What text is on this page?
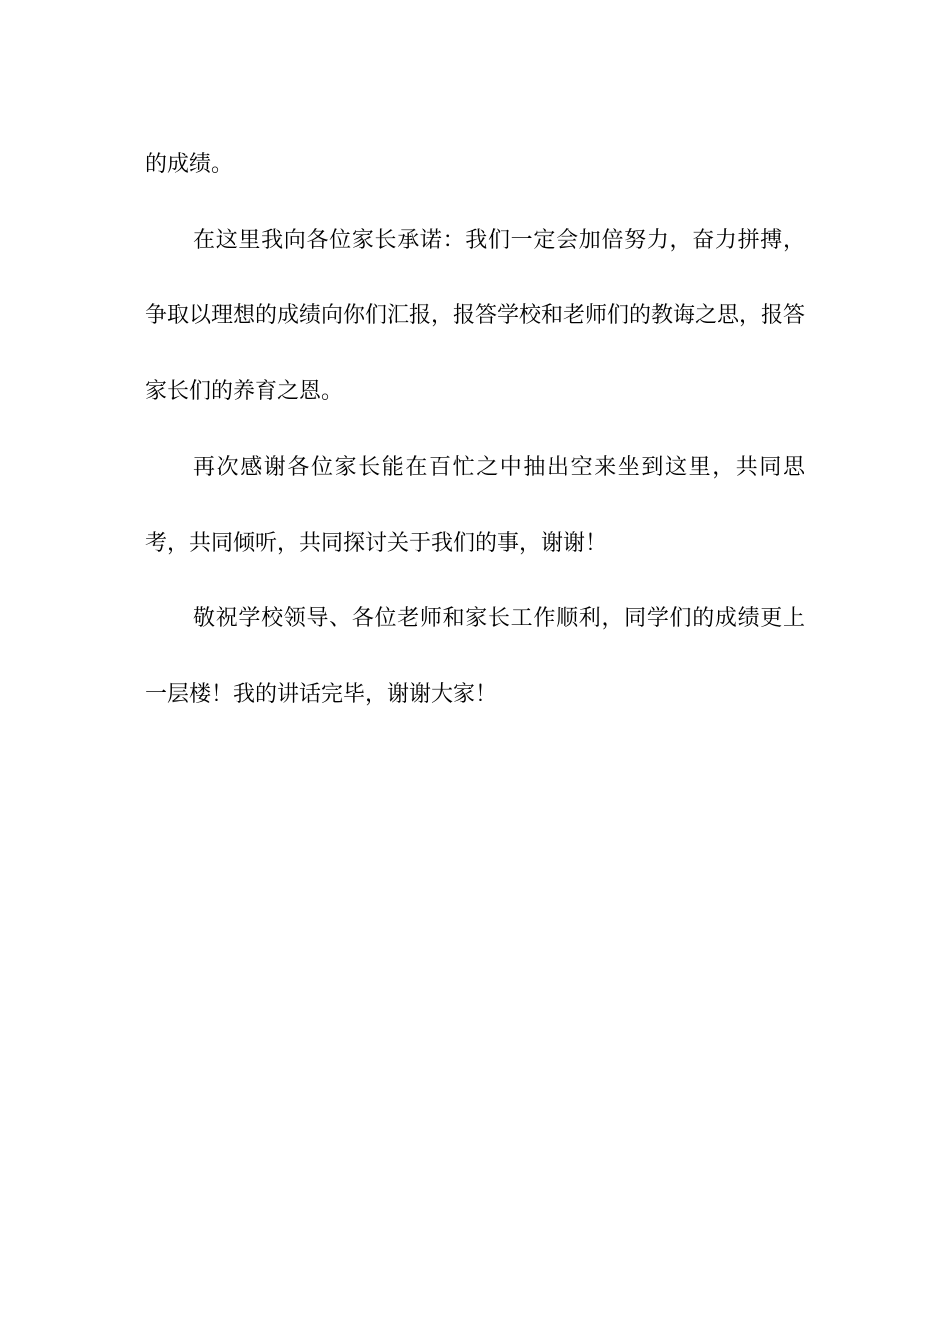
的成绩。

在这里我向各位家长承诺：我们一定会加倍努力，奋力拼搏，争取以理想的成绩向你们汇报，报答学校和老师们的教诲之思，报答家长们的养育之恩。

再次感谢各位家长能在百忙之中抽出空来坐到这里，共同思考，共同倾听，共同探讨关于我们的事，谢谢！

敬祝学校领导、各位老师和家长工作顺利，同学们的成绩更上一层楼！我的讲话完毕，谢谢大家！
